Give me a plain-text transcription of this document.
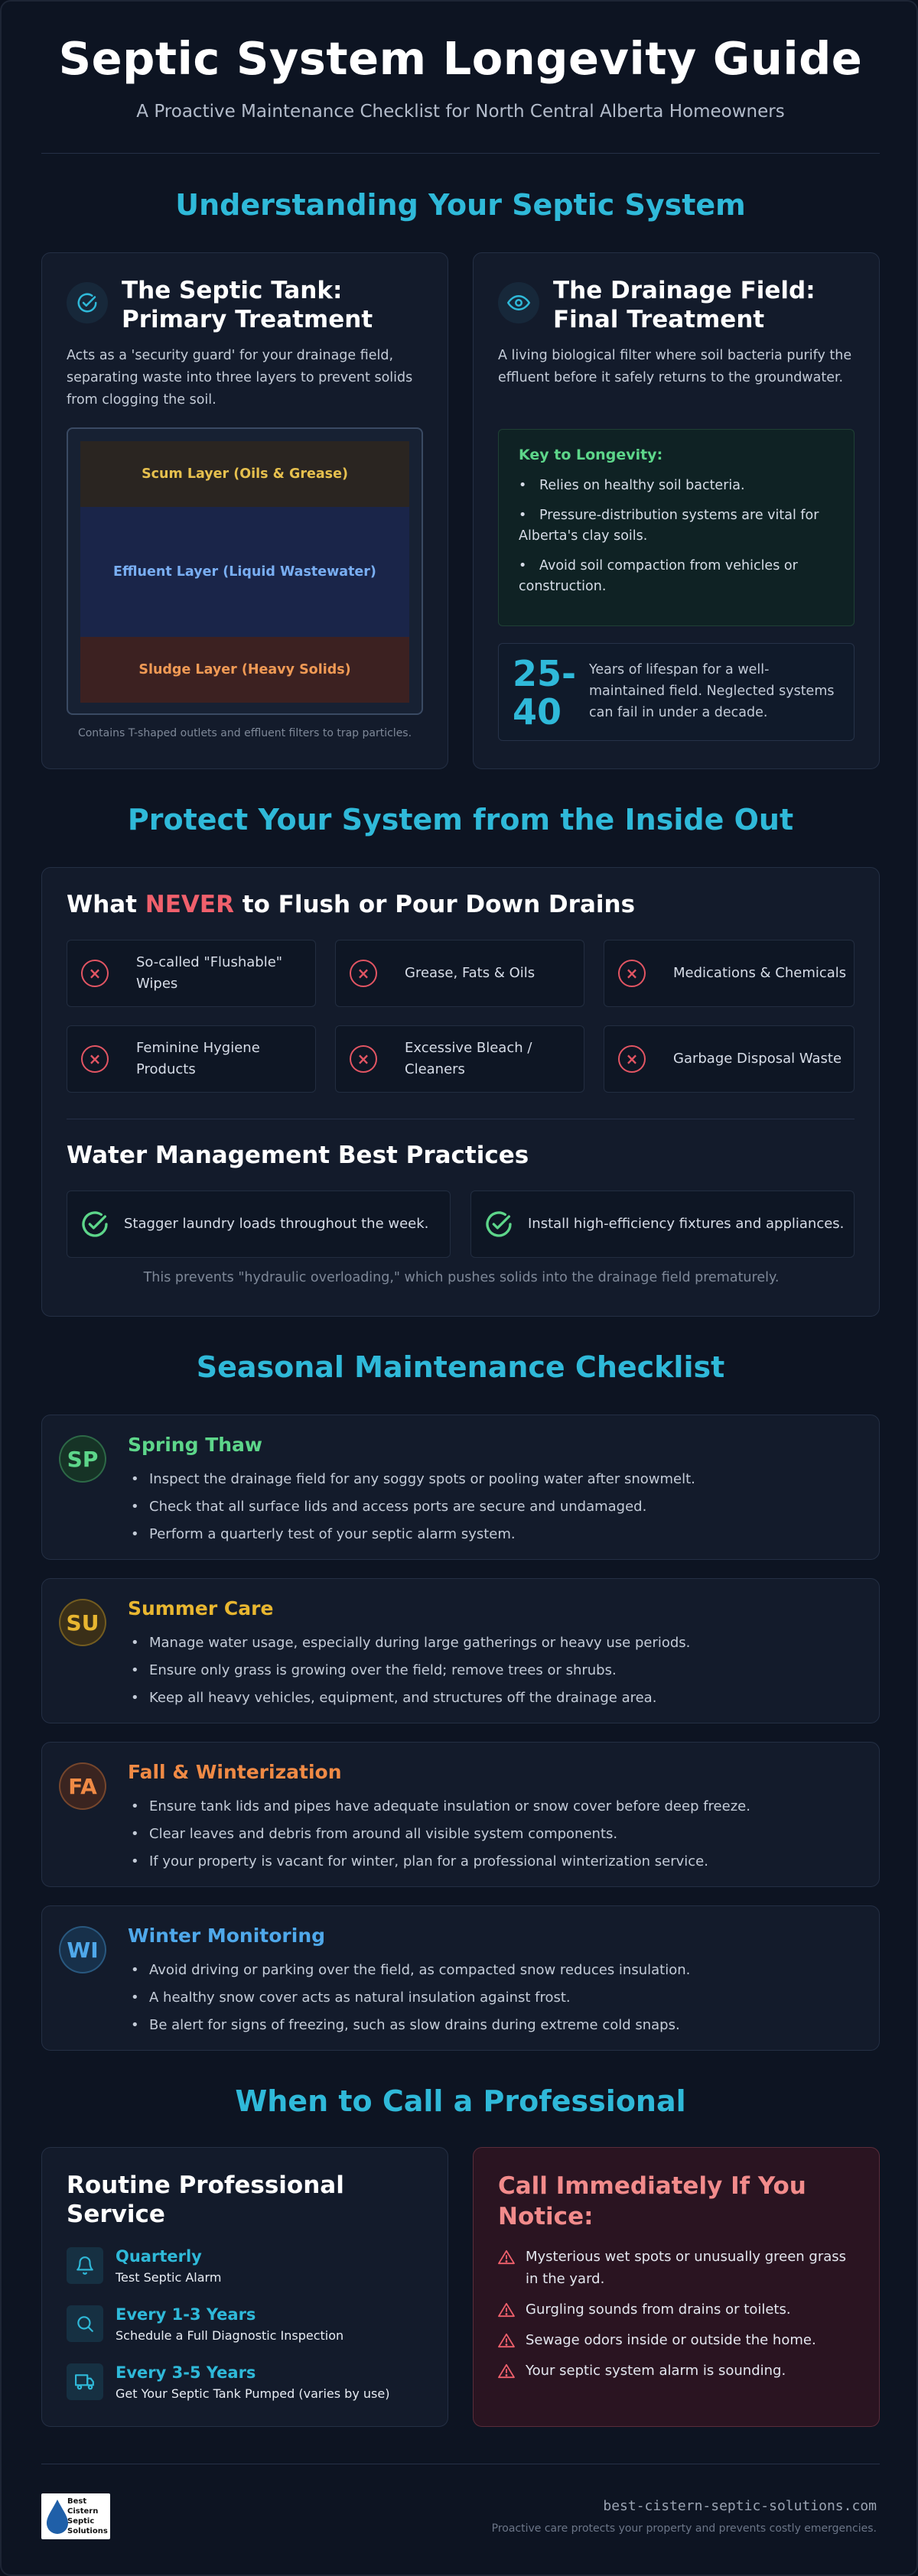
Septic System Longevity Guide
A Proactive Maintenance Checklist for North Central Alberta Homeowners
Understanding Your Septic System
The Septic Tank:
Primary Treatment
Acts as a 'security guard' for your drainage field, separating waste into three layers to prevent solids from clogging the soil.
Scum Layer (Oils & Grease)
Effluent Layer (Liquid Wastewater)
Sludge Layer (Heavy Solids)
Contains T-shaped outlets and effluent filters to trap particles.
The Drainage Field:
Final Treatment
A living biological filter where soil bacteria purify the effluent before it safely returns to the groundwater.
Key to Longevity:
•   Relies on healthy soil bacteria.
•   Pressure-distribution systems are vital for Alberta's clay soils.
•   Avoid soil compaction from vehicles or construction.
25-
40
Years of lifespan for a well-maintained field. Neglected systems can fail in under a decade.
Protect Your System from the Inside Out
What NEVER to Flush or Pour Down Drains
×
So-called "Flushable" Wipes
×	Grease, Fats & Oils	×	Medications & Chemicals
×
Feminine Hygiene Products
×
Excessive Bleach / Cleaners
×	Garbage Disposal Waste
Water Management Best Practices
Stagger laundry loads throughout the week.	Install high-efficiency fixtures and appliances.
This prevents "hydraulic overloading," which pushes solids into the drainage field prematurely.
Seasonal Maintenance Checklist
SP
Spring Thaw
• Inspect the drainage field for any soggy spots or pooling water after snowmelt.
• Check that all surface lids and access ports are secure and undamaged.
• Perform a quarterly test of your septic alarm system.
SU
Summer Care
• Manage water usage, especially during large gatherings or heavy use periods.
• Ensure only grass is growing over the field; remove trees or shrubs.
• Keep all heavy vehicles, equipment, and structures off the drainage area.
FA
Fall & Winterization
• Ensure tank lids and pipes have adequate insulation or snow cover before deep freeze.
• Clear leaves and debris from around all visible system components.
• If your property is vacant for winter, plan for a professional winterization service.
WI
Winter Monitoring
• Avoid driving or parking over the field, as compacted snow reduces insulation.
• A healthy snow cover acts as natural insulation against frost.
• Be alert for signs of freezing, such as slow drains during extreme cold snaps.
When to Call a Professional
Routine Professional
Service
Quarterly
Test Septic Alarm
Every 1-3 Years
Schedule a Full Diagnostic Inspection
Every 3-5 Years
Get Your Septic Tank Pumped (varies by use)
Call Immediately If You
Notice:
Mysterious wet spots or unusually green grass in the yard.
Gurgling sounds from drains or toilets.
Sewage odors inside or outside the home.
Your septic system alarm is sounding.
Best
Cistern
Septic
Solutions
best-cistern-septic-solutions.com
Proactive care protects your property and prevents costly emergencies.
